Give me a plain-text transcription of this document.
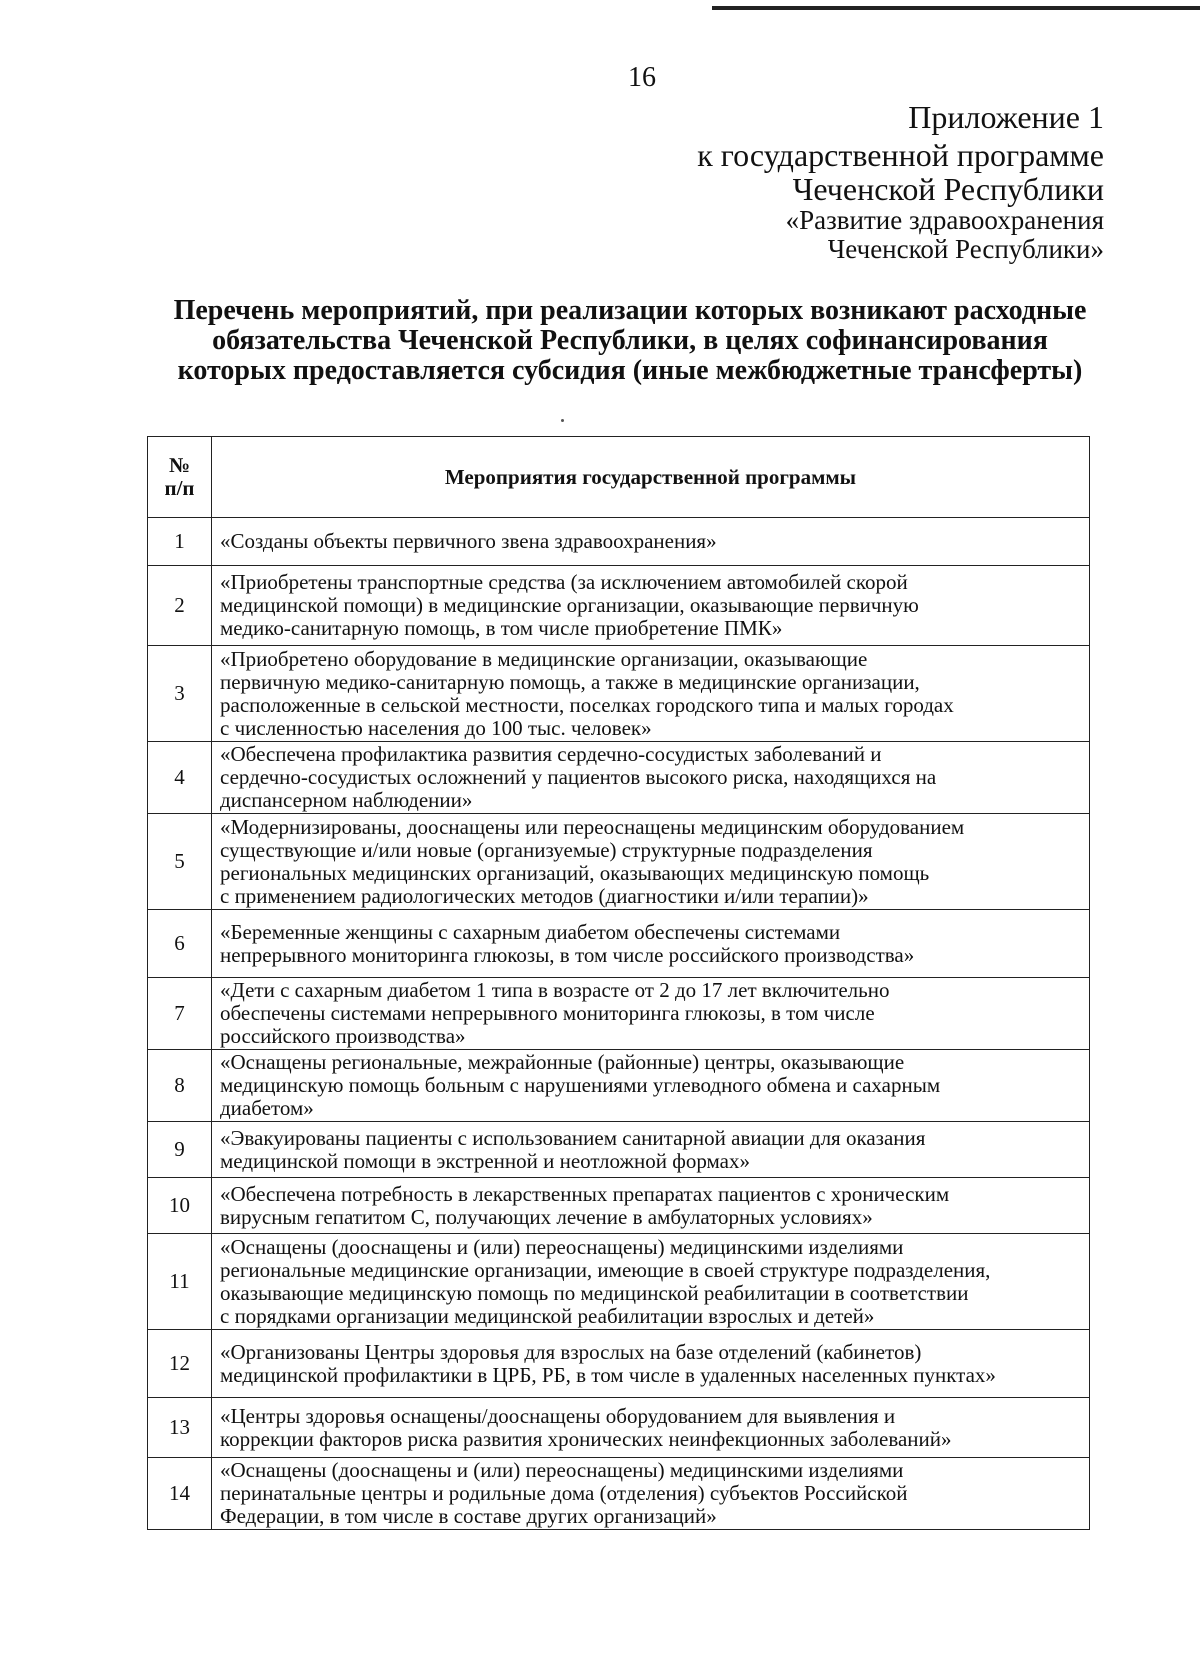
16
Приложение 1
к государственной программе
Чеченской Республики
«Развитие здравоохранения
Чеченской Республики»
Перечень мероприятий, при реализации которых возникают расходные
обязательства Чеченской Республики, в целях софинансирования
которых предоставляется субсидия (иные межбюджетные трансферты)
№
п/п	Мероприятия государственной программы
1	«Созданы объекты первичного звена здравоохранения»

2	«Приобретены транспортные средства (за исключением автомобилей скорой
медицинской помощи) в медицинские организации, оказывающие первичную
медико-санитарную помощь, в том числе приобретение ПМК»

3	«Приобретено оборудование в медицинские организации, оказывающие
первичную медико-санитарную помощь, а также в медицинские организации,
расположенные в сельской местности, поселках городского типа и малых городах
с численностью населения до 100 тыс. человек»

4	«Обеспечена профилактика развития сердечно-сосудистых заболеваний и
сердечно-сосудистых осложнений у пациентов высокого риска, находящихся на
диспансерном наблюдении»

5	«Модернизированы, дооснащены или переоснащены медицинским оборудованием
существующие и/или новые (организуемые) структурные подразделения
региональных медицинских организаций, оказывающих медицинскую помощь
с применением радиологических методов (диагностики и/или терапии)»

6	«Беременные женщины с сахарным диабетом обеспечены системами
непрерывного мониторинга глюкозы, в том числе российского производства»

7	«Дети с сахарным диабетом 1 типа в возрасте от 2 до 17 лет включительно
обеспечены системами непрерывного мониторинга глюкозы, в том числе
российского производства»

8	«Оснащены региональные, межрайонные (районные) центры, оказывающие
медицинскую помощь больным с нарушениями углеводного обмена и сахарным
диабетом»

9	«Эвакуированы пациенты с использованием санитарной авиации для оказания
медицинской помощи в экстренной и неотложной формах»

10	«Обеспечена потребность в лекарственных препаратах пациентов с хроническим
вирусным гепатитом С, получающих лечение в амбулаторных условиях»

11	«Оснащены (дооснащены и (или) переоснащены) медицинскими изделиями
региональные медицинские организации, имеющие в своей структуре подразделения,
оказывающие медицинскую помощь по медицинской реабилитации в соответствии
с порядками организации медицинской реабилитации взрослых и детей»

12	«Организованы Центры здоровья для взрослых на базе отделений (кабинетов)
медицинской профилактики в ЦРБ, РБ, в том числе в удаленных населенных пунктах»

13	«Центры здоровья оснащены/дооснащены оборудованием для выявления и
коррекции факторов риска развития хронических неинфекционных заболеваний»

14	«Оснащены (дооснащены и (или) переоснащены) медицинскими изделиями
перинатальные центры и родильные дома (отделения) субъектов Российской
Федерации, в том числе в составе других организаций»
